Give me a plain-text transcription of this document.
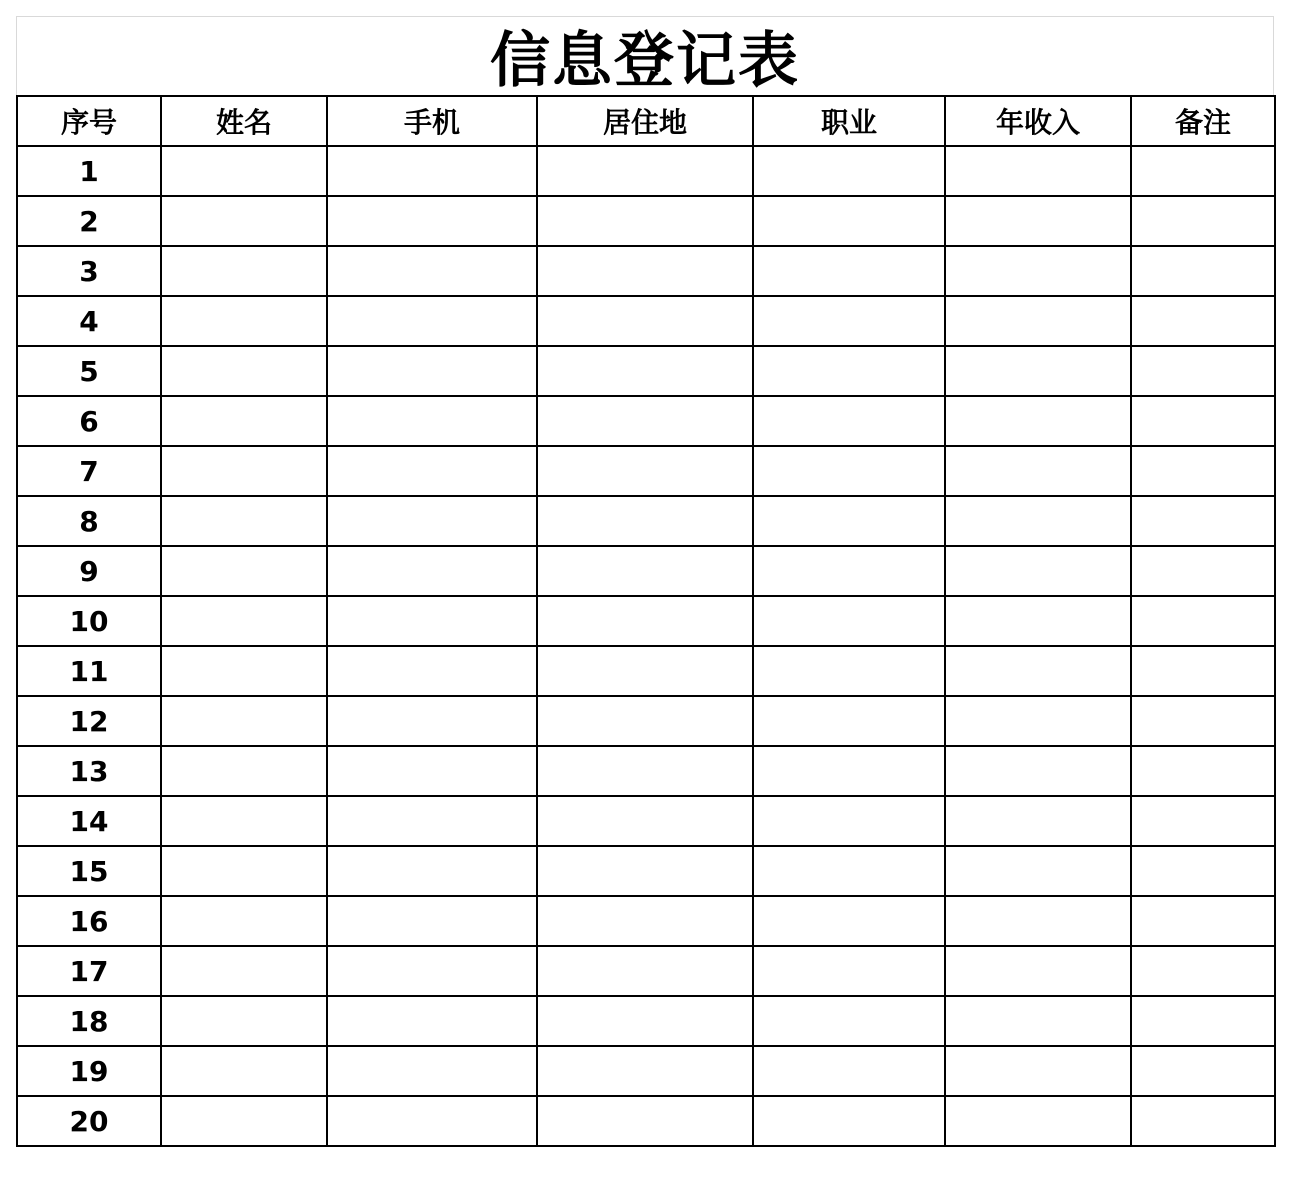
信息登记表
序号	姓名	手机	居住地	职业	年收入	备注
1						
2						
3						
4						
5						
6						
7						
8						
9						
10						
11						
12						
13						
14						
15						
16						
17						
18						
19						
20						
